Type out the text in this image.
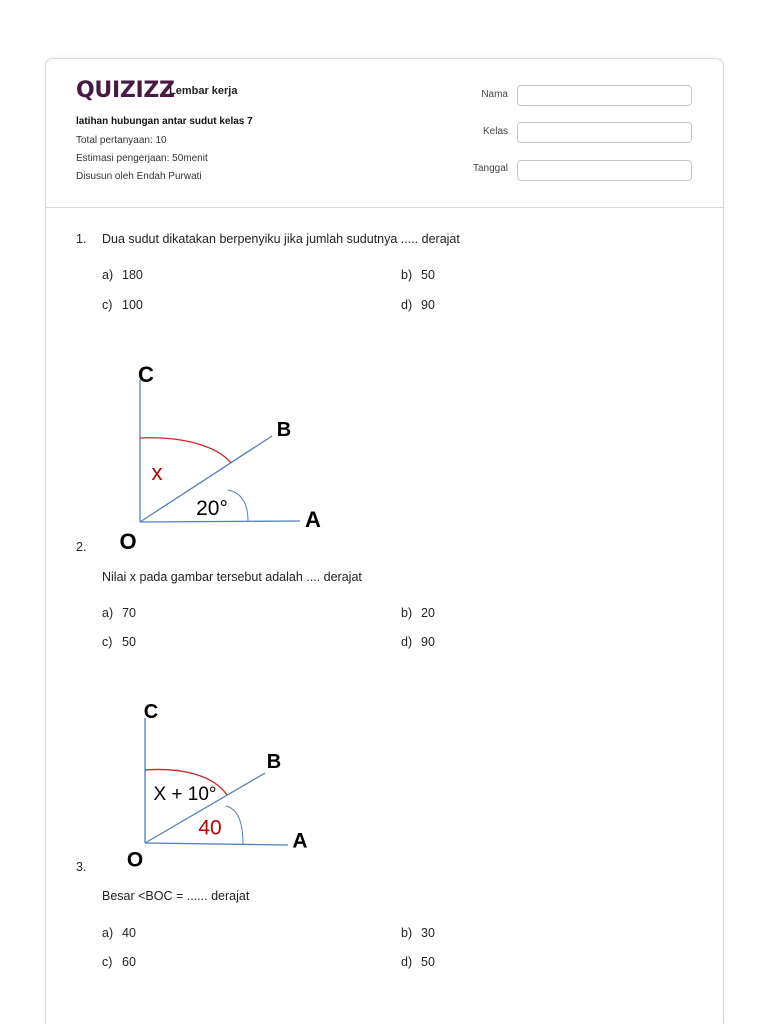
QUIZIZZ
Lembar kerja
latihan hubungan antar sudut kelas 7
Total pertanyaan: 10
Estimasi pengerjaan: 50menit
Disusun oleh Endah Purwati
Nama
Kelas
Tanggal
1. Dua sudut dikatakan berpenyiku jika jumlah sudutnya ..... derajat
a) 180	b) 50
c) 100	d) 90
C
B
x
20°	A
O
2.
Nilai x pada gambar tersebut adalah .... derajat
a) 70	b) 20
c) 50	d) 90
C
B
X + 10°
40
A
O
3.
Besar <BOC = ...... derajat
a) 40	b) 30
c) 60	d) 50
